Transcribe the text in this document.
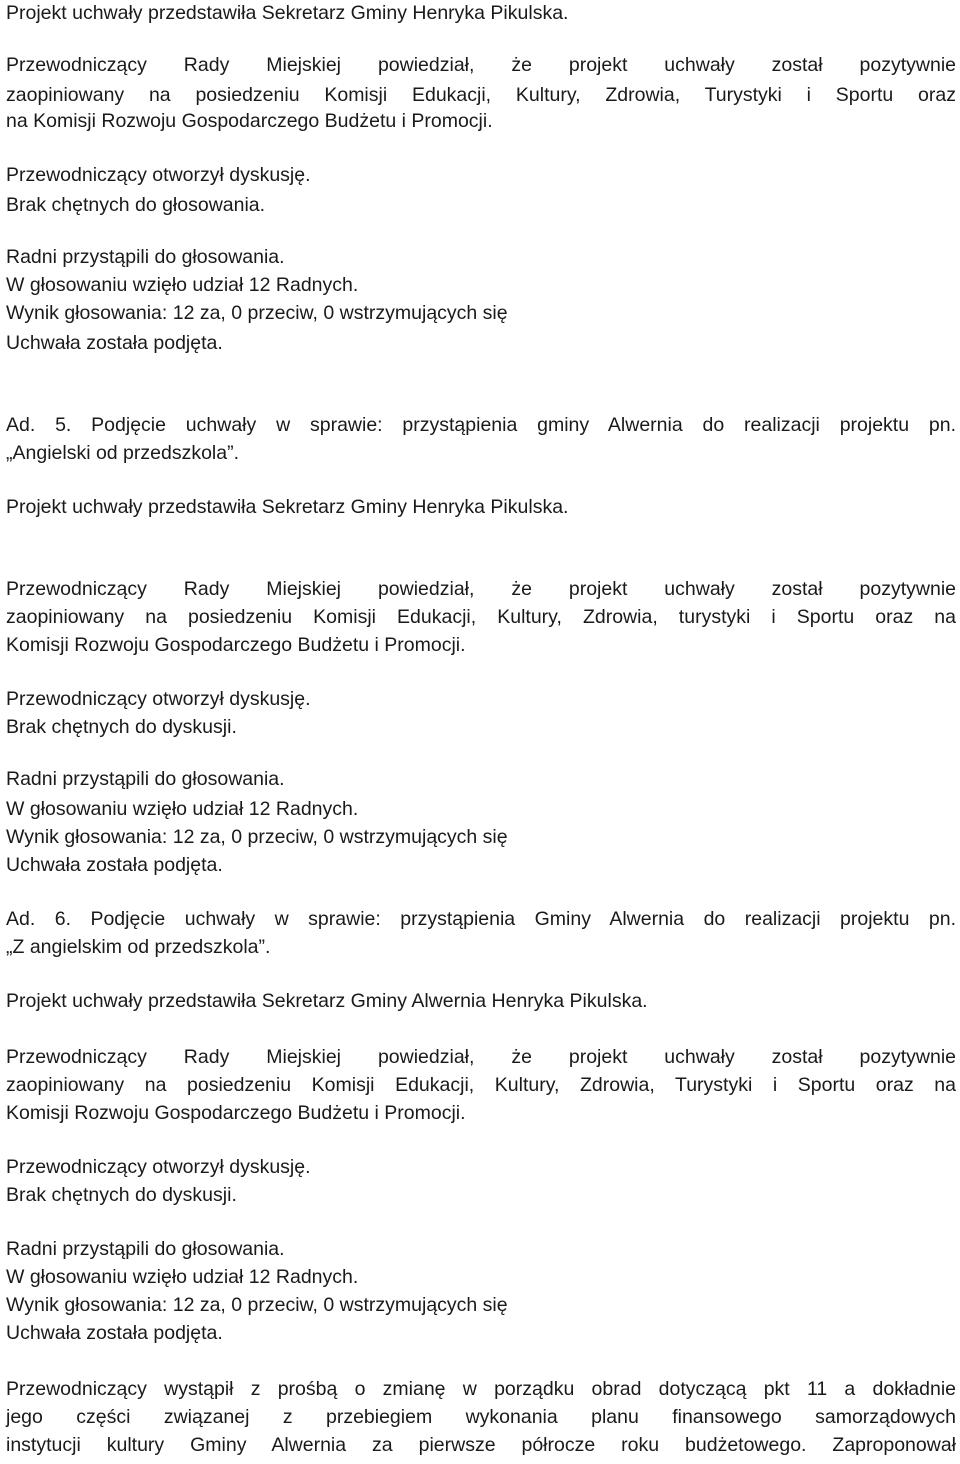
Projekt uchwały przedstawiła Sekretarz Gminy Henryka Pikulska.
Przewodniczący Rady Miejskiej powiedział, że projekt uchwały został pozytywnie
zaopiniowany na posiedzeniu Komisji Edukacji, Kultury, Zdrowia, Turystyki i Sportu oraz
na Komisji Rozwoju Gospodarczego Budżetu i Promocji.
Przewodniczący otworzył dyskusję.
Brak chętnych do głosowania.
Radni przystąpili do głosowania.
W głosowaniu wzięło udział 12 Radnych.
Wynik głosowania: 12 za, 0 przeciw, 0 wstrzymujących się
Uchwała została podjęta.
Ad. 5. Podjęcie uchwały w sprawie: przystąpienia gminy Alwernia do realizacji projektu pn.
„Angielski od przedszkola”.
Projekt uchwały przedstawiła Sekretarz Gminy Henryka Pikulska.
Przewodniczący Rady Miejskiej powiedział, że projekt uchwały został pozytywnie
zaopiniowany na posiedzeniu Komisji Edukacji, Kultury, Zdrowia, turystyki i Sportu oraz na
Komisji Rozwoju Gospodarczego Budżetu i Promocji.
Przewodniczący otworzył dyskusję.
Brak chętnych do dyskusji.
Radni przystąpili do głosowania.
W głosowaniu wzięło udział 12 Radnych.
Wynik głosowania: 12 za, 0 przeciw, 0 wstrzymujących się
Uchwała została podjęta.
Ad. 6. Podjęcie uchwały w sprawie: przystąpienia Gminy Alwernia do realizacji projektu pn.
„Z angielskim od przedszkola”.
Projekt uchwały przedstawiła Sekretarz Gminy Alwernia Henryka Pikulska.
Przewodniczący Rady Miejskiej powiedział, że projekt uchwały został pozytywnie
zaopiniowany na posiedzeniu Komisji Edukacji, Kultury, Zdrowia, Turystyki i Sportu oraz na
Komisji Rozwoju Gospodarczego Budżetu i Promocji.
Przewodniczący otworzył dyskusję.
Brak chętnych do dyskusji.
Radni przystąpili do głosowania.
W głosowaniu wzięło udział 12 Radnych.
Wynik głosowania: 12 za, 0 przeciw, 0 wstrzymujących się
Uchwała została podjęta.
Przewodniczący wystąpił z prośbą o zmianę w porządku obrad dotyczącą pkt 11 a dokładnie
jego części związanej z przebiegiem wykonania planu finansowego samorządowych
instytucji kultury Gminy Alwernia za pierwsze półrocze roku budżetowego. Zaproponował
